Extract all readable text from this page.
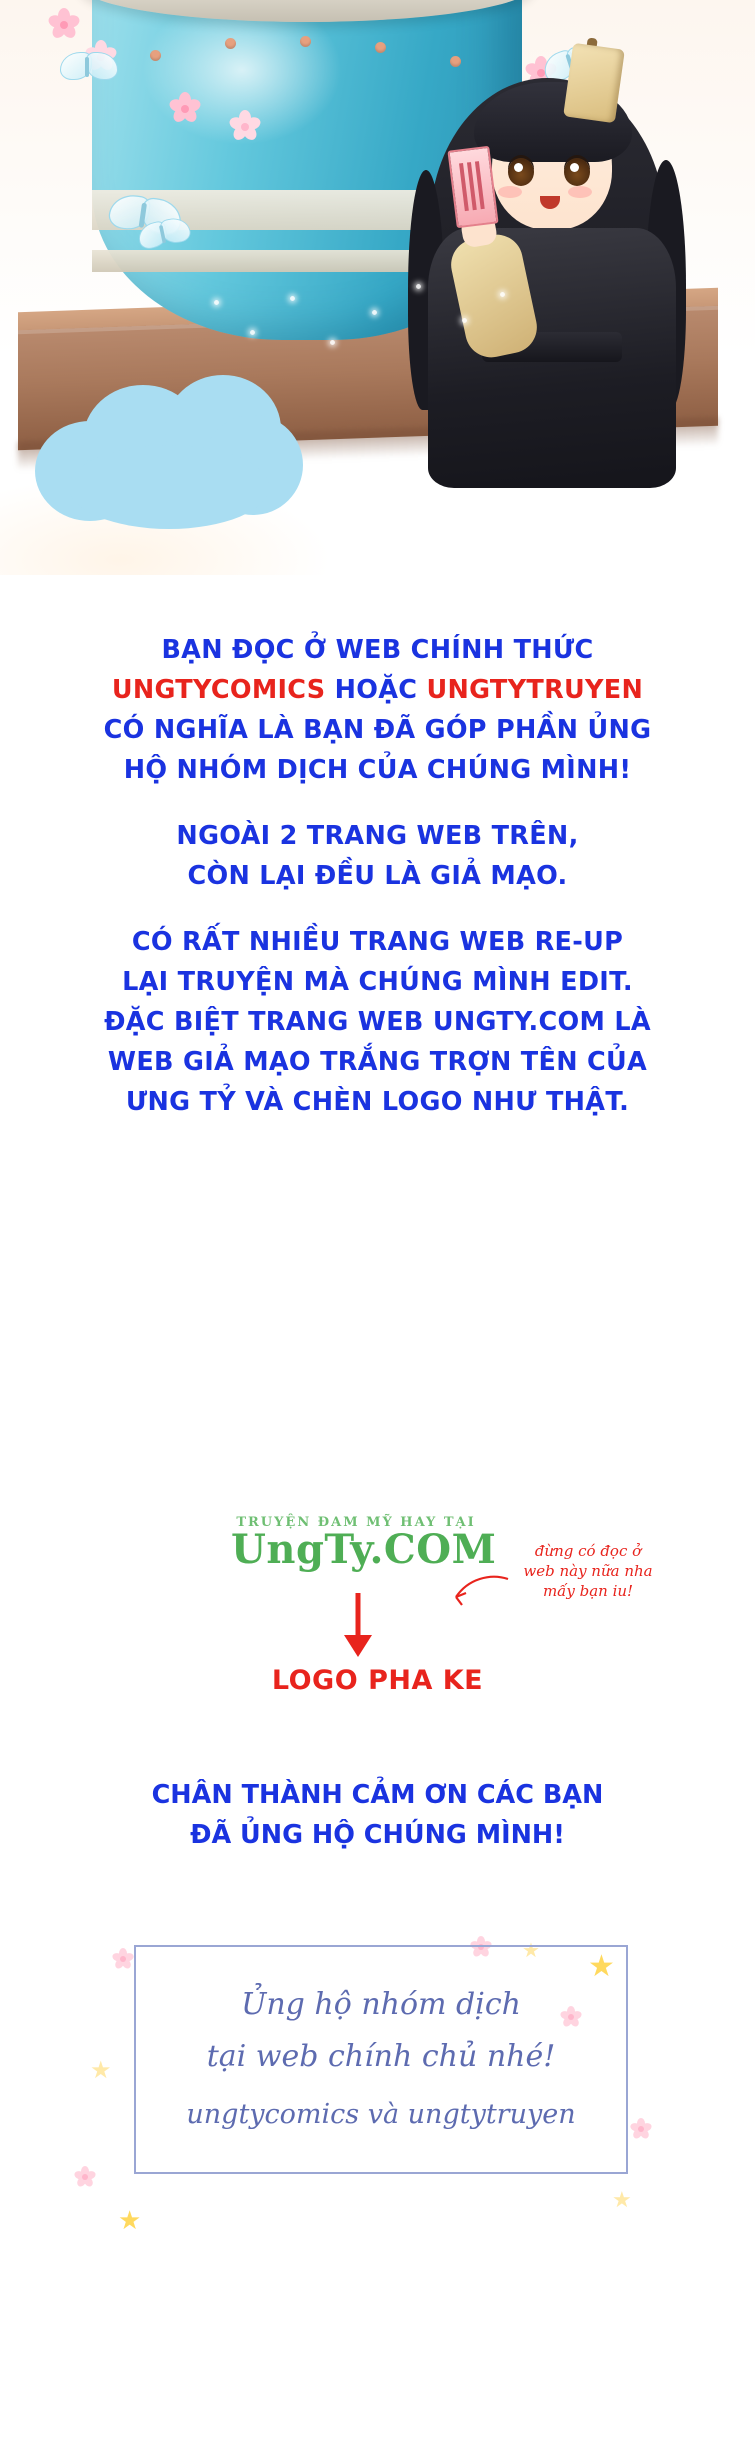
BẠN ĐỌC Ở WEB CHÍNH THỨC
UNGTYCOMICS HOẶC UNGTYTRUYEN
CÓ NGHĨA LÀ BẠN ĐÃ GÓP PHẦN ỦNG
HỘ NHÓM DỊCH CỦA CHÚNG MÌNH!
NGOÀI 2 TRANG WEB TRÊN,
CÒN LẠI ĐỀU LÀ GIẢ MẠO.
CÓ RẤT NHIỀU TRANG WEB RE-UP
LẠI TRUYỆN MÀ CHÚNG MÌNH EDIT.
ĐẶC BIỆT TRANG WEB UNGTY.COM LÀ
WEB GIẢ MẠO TRẮNG TRỢN TÊN CỦA
ƯNG TỶ VÀ CHÈN LOGO NHƯ THẬT.
TRUYỆN ĐAM MỸ HAY TẠI
UngTy.COM	đừng có đọc ở
web này nữa nha
mấy bạn iu!
LOGO PHA KE
CHÂN THÀNH CẢM ƠN CÁC BẠN
ĐÃ ỦNG HỘ CHÚNG MÌNH!
★
★
★
★
★
Ủng hộ nhóm dịch
tại web chính chủ nhé!
ungtycomics và ungtytruyen
